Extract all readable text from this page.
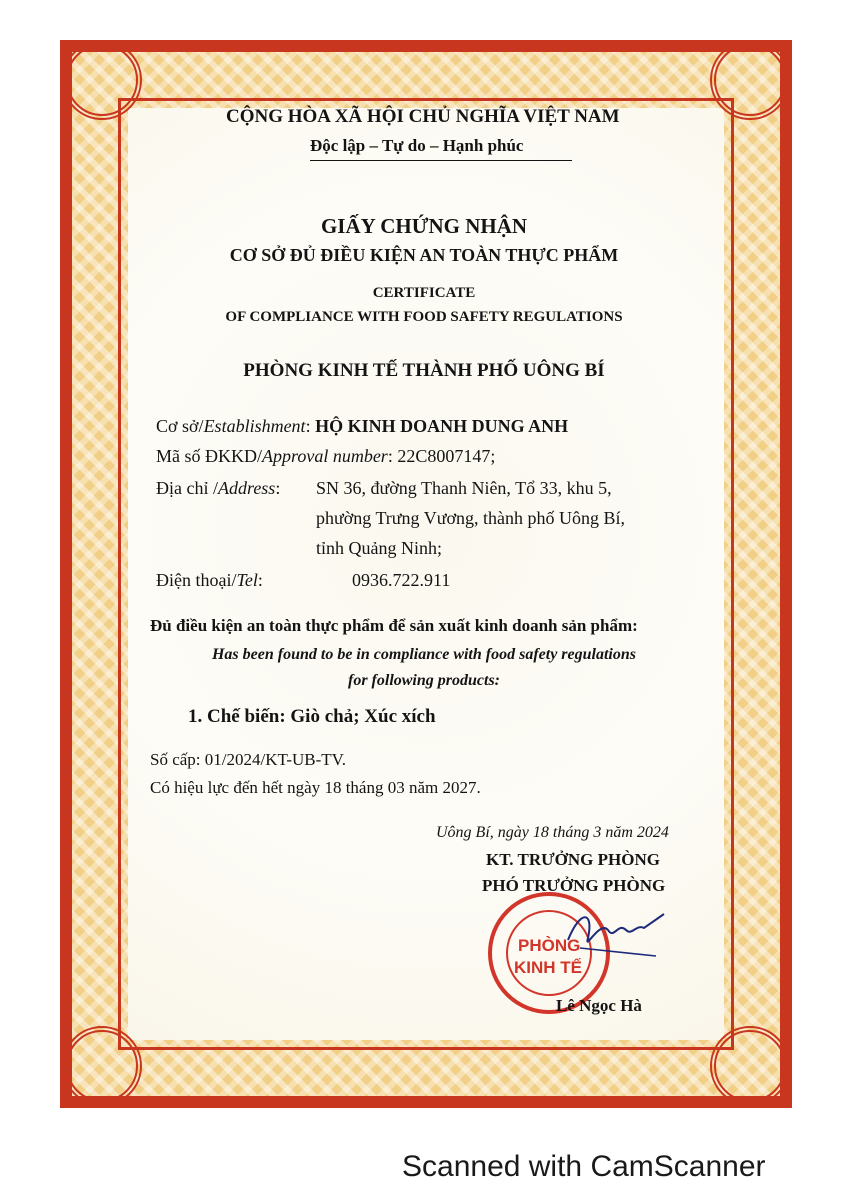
CỘNG HÒA XÃ HỘI CHỦ NGHĨA VIỆT NAM
Độc lập – Tự do – Hạnh phúc
GIẤY CHỨNG NHẬN
CƠ SỞ ĐỦ ĐIỀU KIỆN AN TOÀN THỰC PHẨM
CERTIFICATE
OF COMPLIANCE WITH FOOD SAFETY REGULATIONS
PHÒNG KINH TẾ THÀNH PHỐ UÔNG BÍ
Cơ sở/Establishment: HỘ KINH DOANH DUNG ANH
Mã số ĐKKD/Approval number: 22C8007147;
Địa chỉ /Address: SN 36, đường Thanh Niên, Tổ 33, khu 5,
phường Trưng Vương, thành phố Uông Bí,
tỉnh Quảng Ninh;
Điện thoại/Tel:	0936.722.911
Đủ điều kiện an toàn thực phẩm để sản xuất kinh doanh sản phẩm:
Has been found to be in compliance with food safety regulations
for following products:
1. Chế biến: Giò chả; Xúc xích
Số cấp: 01/2024/KT-UB-TV.
Có hiệu lực đến hết ngày 18 tháng 03 năm 2027.
Uông Bí, ngày 18 tháng 3 năm 2024
KT. TRƯỞNG PHÒNG
PHÓ TRƯỞNG PHÒNG
PHÒNG
KINH TẾ
Lê Ngọc Hà
Scanned with CamScanner
